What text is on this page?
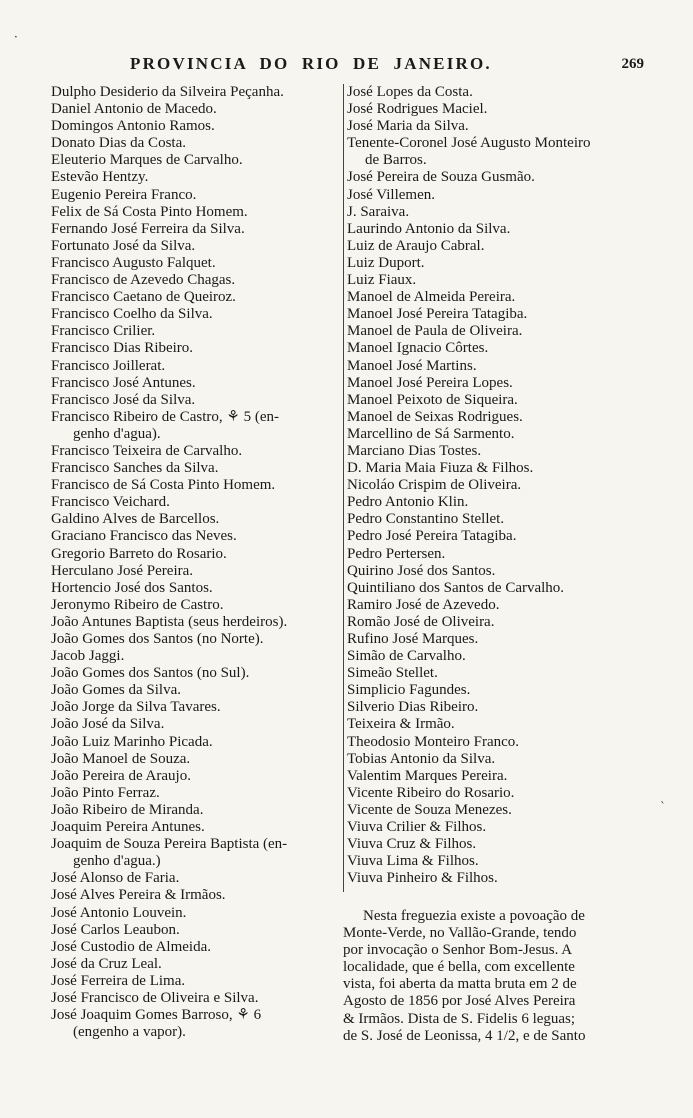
PROVINCIA DO RIO DE JANEIRO.	269
Dulpho Desiderio da Silveira Peçanha.
Daniel Antonio de Macedo.
Domingos Antonio Ramos.
Donato Dias da Costa.
Eleuterio Marques de Carvalho.
Estevão Hentzy.
Eugenio Pereira Franco.
Felix de Sá Costa Pinto Homem.
Fernando José Ferreira da Silva.
Fortunato José da Silva.
Francisco Augusto Falquet.
Francisco de Azevedo Chagas.
Francisco Caetano de Queiroz.
Francisco Coelho da Silva.
Francisco Crilier.
Francisco Dias Ribeiro.
Francisco Joillerat.
Francisco José Antunes.
Francisco José da Silva.
Francisco Ribeiro de Castro, ⚘ 5 (en-
genho d'agua).
Francisco Teixeira de Carvalho.
Francisco Sanches da Silva.
Francisco de Sá Costa Pinto Homem.
Francisco Veichard.
Galdino Alves de Barcellos.
Graciano Francisco das Neves.
Gregorio Barreto do Rosario.
Herculano José Pereira.
Hortencio José dos Santos.
Jeronymo Ribeiro de Castro.
João Antunes Baptista (seus herdeiros).
João Gomes dos Santos (no Norte).
Jacob Jaggi.
João Gomes dos Santos (no Sul).
João Gomes da Silva.
João Jorge da Silva Tavares.
João José da Silva.
João Luiz Marinho Picada.
João Manoel de Souza.
João Pereira de Araujo.
João Pinto Ferraz.
João Ribeiro de Miranda.
Joaquim Pereira Antunes.
Joaquim de Souza Pereira Baptista (en-
genho d'agua.)
José Alonso de Faria.
José Alves Pereira & Irmãos.
José Antonio Louvein.
José Carlos Leaubon.
José Custodio de Almeida.
José da Cruz Leal.
José Ferreira de Lima.
José Francisco de Oliveira e Silva.
José Joaquim Gomes Barroso, ⚘ 6
(engenho a vapor).
José Lopes da Costa.
José Rodrigues Maciel.
José Maria da Silva.
Tenente-Coronel José Augusto Monteiro
de Barros.
José Pereira de Souza Gusmão.
José Villemen.
J. Saraiva.
Laurindo Antonio da Silva.
Luiz de Araujo Cabral.
Luiz Duport.
Luiz Fiaux.
Manoel de Almeida Pereira.
Manoel José Pereira Tatagiba.
Manoel de Paula de Oliveira.
Manoel Ignacio Côrtes.
Manoel José Martins.
Manoel José Pereira Lopes.
Manoel Peixoto de Siqueira.
Manoel de Seixas Rodrigues.
Marcellino de Sá Sarmento.
Marciano Dias Tostes.
D. Maria Maia Fiuza & Filhos.
Nicoláo Crispim de Oliveira.
Pedro Antonio Klin.
Pedro Constantino Stellet.
Pedro José Pereira Tatagiba.
Pedro Pertersen.
Quirino José dos Santos.
Quintiliano dos Santos de Carvalho.
Ramiro José de Azevedo.
Romão José de Oliveira.
Rufino José Marques.
Simão de Carvalho.
Simeão Stellet.
Simplicio Fagundes.
Silverio Dias Ribeiro.
Teixeira & Irmão.
Theodosio Monteiro Franco.
Tobias Antonio da Silva.
Valentim Marques Pereira.
Vicente Ribeiro do Rosario.
Vicente de Souza Menezes.
Viuva Crilier & Filhos.
Viuva Cruz & Filhos.
Viuva Lima & Filhos.
Viuva Pinheiro & Filhos.
Nesta freguezia existe a povoação deMonte-Verde, no Vallão-Grande, tendopor invocação o Senhor Bom-Jesus. Alocalidade, que é bella, com excellentevista, foi aberta da matta bruta em 2 deAgosto de 1856 por José Alves Pereira& Irmãos. Dista de S. Fidelis 6 leguas;de S. José de Leonissa, 4 1/2, e de Santo
·
ˋ
